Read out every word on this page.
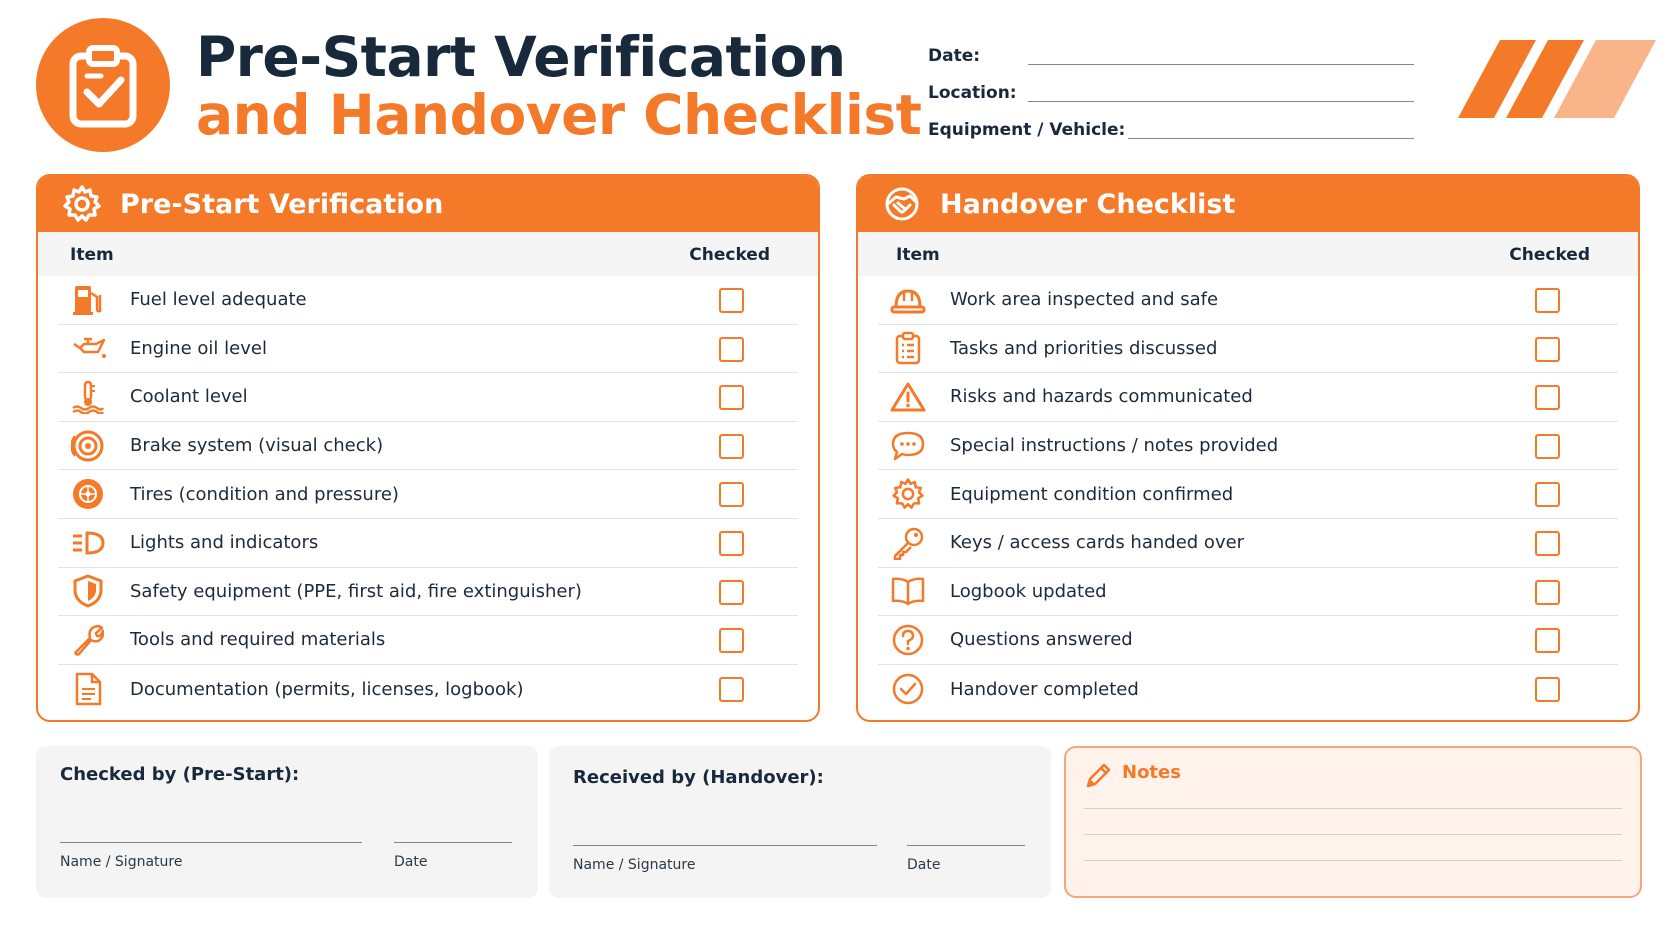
Pre-Start Verification
and Handover Checklist
Date:
Location:
Equipment / Vehicle:
Pre-Start Verification
Item	Checked
Fuel level adequate
Engine oil level
Coolant level
Brake system (visual check)
Tires (condition and pressure)
Lights and indicators
Safety equipment (PPE, first aid, fire extinguisher)
Tools and required materials
Documentation (permits, licenses, logbook)
Handover Checklist
Item	Checked
Work area inspected and safe
Tasks and priorities discussed
Risks and hazards communicated
Special instructions / notes provided
Equipment condition confirmed
Keys / access cards handed over
Logbook updated
Questions answered
Handover completed
Checked by (Pre-Start):
Name / Signature	Date
Received by (Handover):
Name / Signature	Date
Notes
